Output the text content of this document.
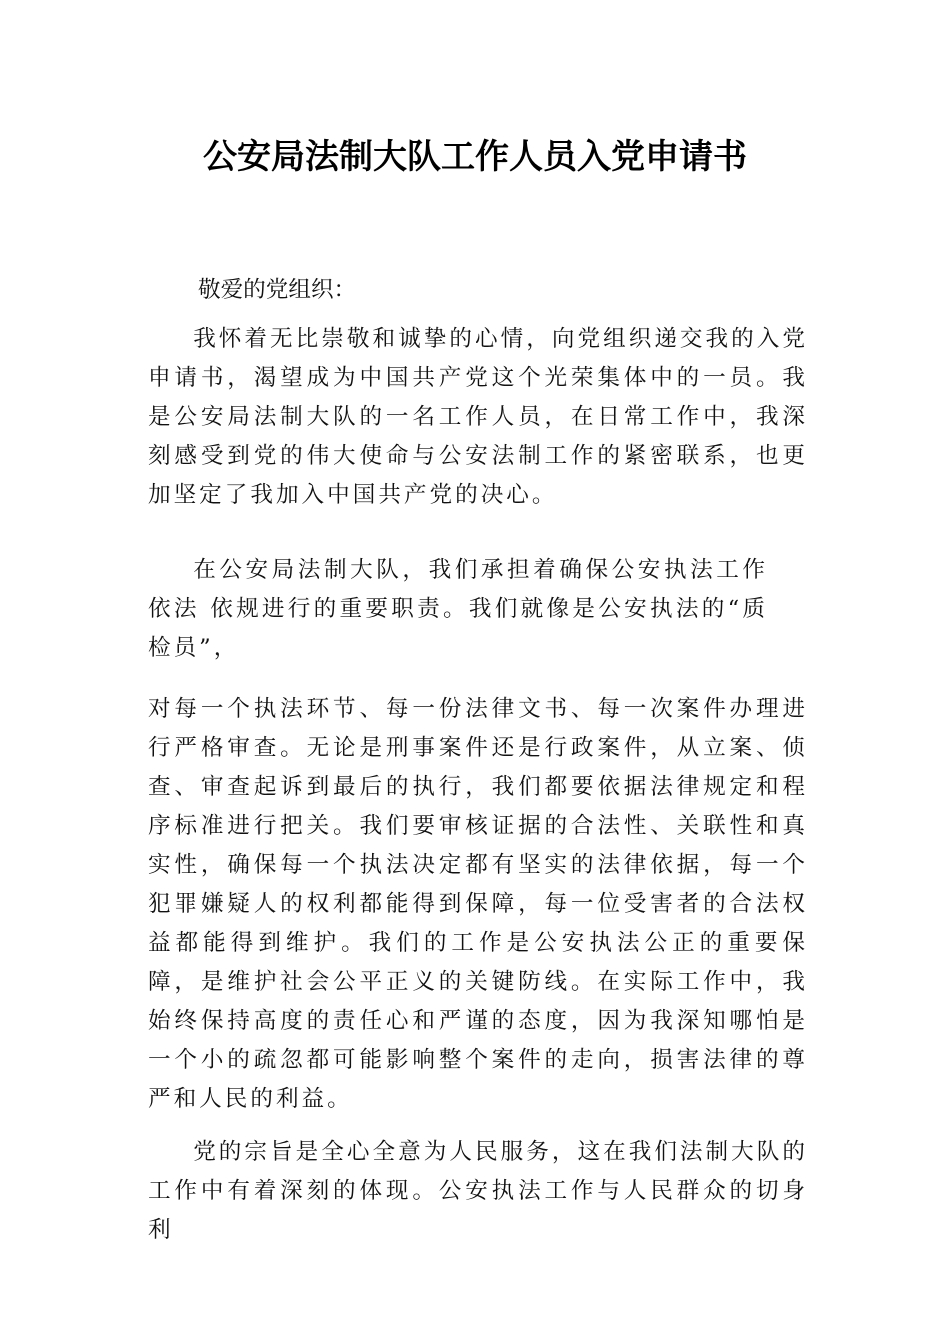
公安局法制大队工作人员入党申请书
敬爱的党组织：

我怀着无比崇敬和诚挚的心情，向党组织递交我的入党申请书，渴望成为中国共产党这个光荣集体中的一员。我是公安局法制大队的一名工作人员，在日常工作中，我深刻感受到党的伟大使命与公安法制工作的紧密联系，也更加坚定了我加入中国共产党的决心。

在公安局法制大队，我们承担着确保公安执法工作依法 依规进行的重要职责。我们就像是公安执法的“质检员”，

对每一个执法环节、每一份法律文书、每一次案件办理进行严格审查。无论是刑事案件还是行政案件，从立案、侦查、审查起诉到最后的执行，我们都要依据法律规定和程序标准进行把关。我们要审核证据的合法性、关联性和真实性，确保每一个执法决定都有坚实的法律依据，每一个犯罪嫌疑人的权利都能得到保障，每一位受害者的合法权益都能得到维护。我们的工作是公安执法公正的重要保障，是维护社会公平正义的关键防线。在实际工作中，我始终保持高度的责任心和严谨的态度，因为我深知哪怕是一个小的疏忽都可能影响整个案件的走向，损害法律的尊严和人民的利益。

党的宗旨是全心全意为人民服务，这在我们法制大队的工作中有着深刻的体现。公安执法工作与人民群众的切身利
